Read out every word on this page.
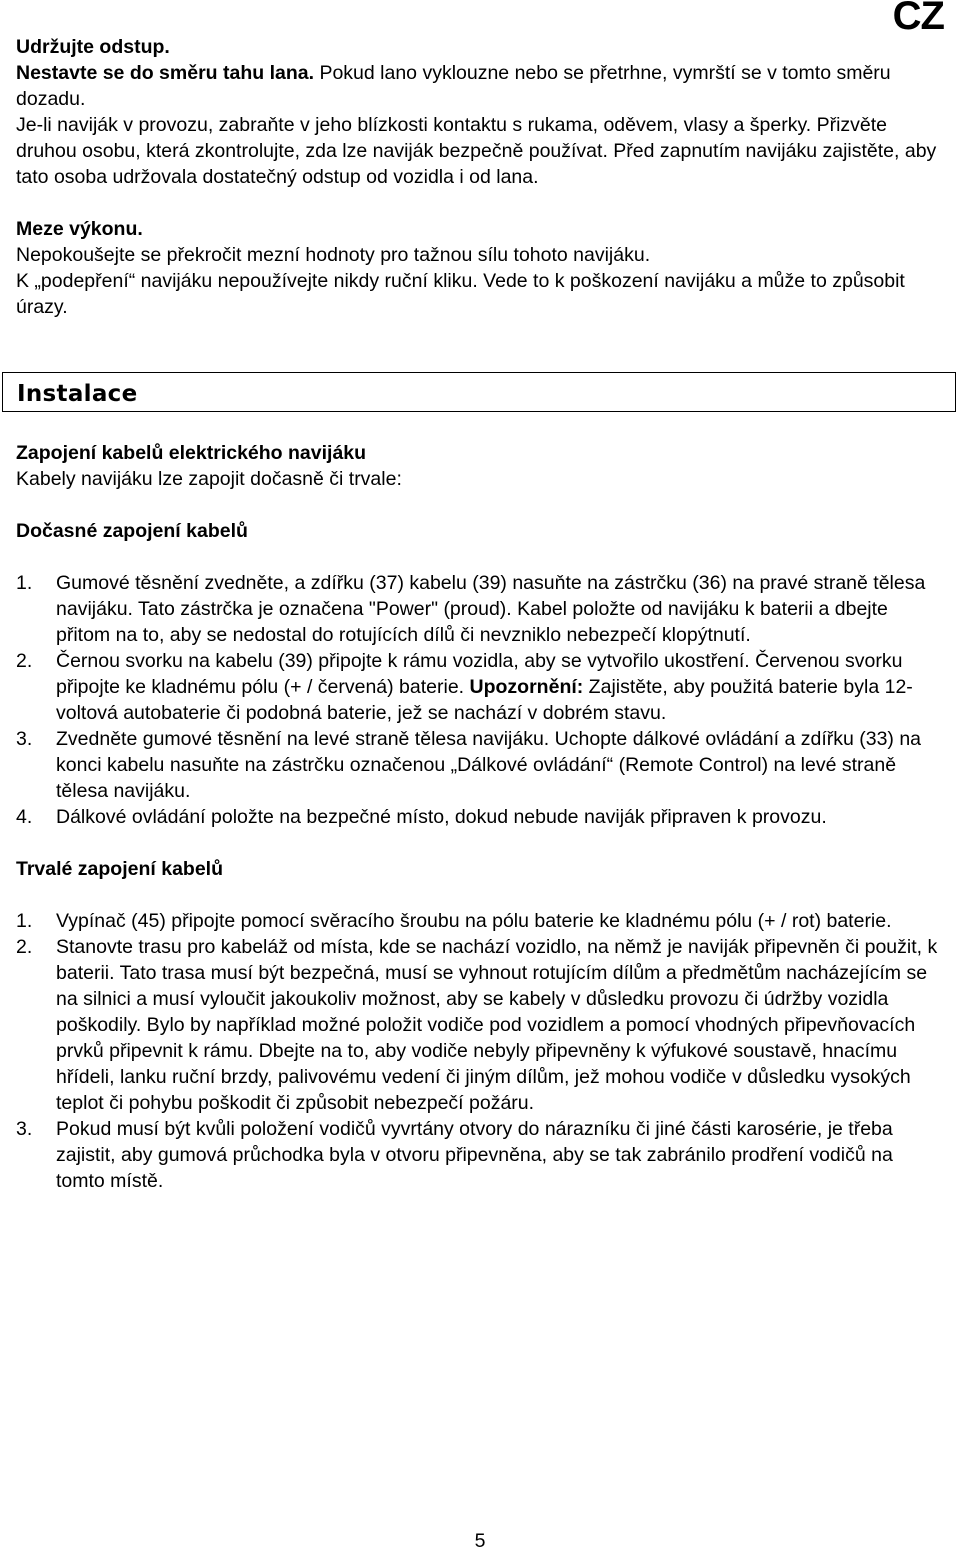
CZ

Udržujte odstup.

Nestavte se do směru tahu lana. Pokud lano vyklouzne nebo se přetrhne, vymrští se v tomto směru dozadu.

Je-li naviják v provozu, zabraňte v jeho blízkosti kontaktu s rukama, oděvem, vlasy a šperky. Přizvěte druhou osobu, která zkontrolujte, zda lze naviják bezpečně používat. Před zapnutím navijáku zajistěte, aby tato osoba udržovala dostatečný odstup od vozidla i od lana.

Meze výkonu.

Nepokoušejte se překročit mezní hodnoty pro tažnou sílu tohoto navijáku.

K „podepření“ navijáku nepoužívejte nikdy ruční kliku. Vede to k poškození navijáku a může to způsobit úrazy.

Instalace

Zapojení kabelů elektrického navijáku

Kabely navijáku lze zapojit dočasně či trvale:

Dočasné zapojení kabelů

1. Gumové těsnění zvedněte, a zdířku (37) kabelu (39) nasuňte na zástrčku (36) na pravé straně tělesa navijáku. Tato zástrčka je označena "Power" (proud). Kabel položte od navijáku k baterii a dbejte přitom na to, aby se nedostal do rotujících dílů či nevzniklo nebezpečí klopýtnutí.
2. Černou svorku na kabelu (39) připojte k rámu vozidla, aby se vytvořilo ukostření. Červenou svorku připojte ke kladnému pólu (+ / červená) baterie. Upozornění: Zajistěte, aby použitá baterie byla 12-voltová autobaterie či podobná baterie, jež se nachází v dobrém stavu.
3. Zvedněte gumové těsnění na levé straně tělesa navijáku. Uchopte dálkové ovládání a zdířku (33) na konci kabelu nasuňte na zástrčku označenou „Dálkové ovládání“ (Remote Control) na levé straně tělesa navijáku.
4. Dálkové ovládání položte na bezpečné místo, dokud nebude naviják připraven k provozu.

Trvalé zapojení kabelů

1. Vypínač (45) připojte pomocí svěracího šroubu na pólu baterie ke kladnému pólu (+ / rot) baterie.
2. Stanovte trasu pro kabeláž od místa, kde se nachází vozidlo, na němž je naviják připevněn či použit, k baterii. Tato trasa musí být bezpečná, musí se vyhnout rotujícím dílům a předmětům nacházejícím se na silnici a musí vyloučit jakoukoliv možnost, aby se kabely v důsledku provozu či údržby vozidla poškodily. Bylo by například možné položit vodiče pod vozidlem a pomocí vhodných připevňovacích prvků připevnit k rámu. Dbejte na to, aby vodiče nebyly připevněny k výfukové soustavě, hnacímu hřídeli, lanku ruční brzdy, palivovému vedení či jiným dílům, jež mohou vodiče v důsledku vysokých teplot či pohybu poškodit či způsobit nebezpečí požáru.
3. Pokud musí být kvůli položení vodičů vyvrtány otvory do nárazníku či jiné části karosérie, je třeba zajistit, aby gumová průchodka byla v otvoru připevněna, aby se tak zabránilo prodření vodičů na tomto místě.
5
